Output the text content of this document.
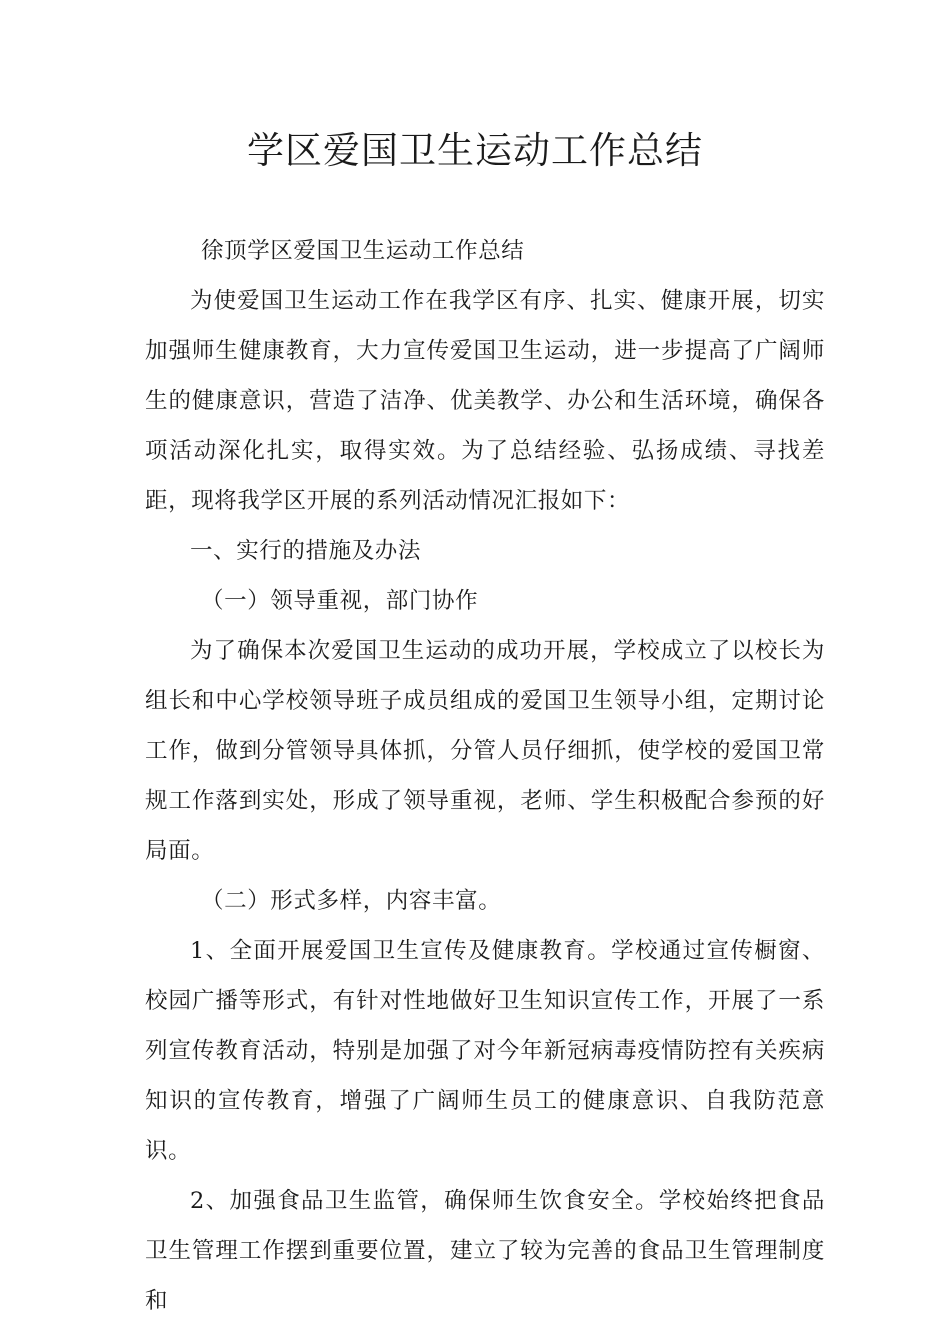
学区爱国卫生运动工作总结

徐顶学区爱国卫生运动工作总结

为使爱国卫生运动工作在我学区有序、扎实、健康开展，切实加强师生健康教育，大力宣传爱国卫生运动，进一步提高了广阔师生的健康意识，营造了洁净、优美教学、办公和生活环境，确保各项活动深化扎实，取得实效。为了总结经验、弘扬成绩、寻找差距，现将我学区开展的系列活动情况汇报如下：

一、实行的措施及办法

（一）领导重视，部门协作

为了确保本次爱国卫生运动的成功开展，学校成立了以校长为组长和中心学校领导班子成员组成的爱国卫生领导小组，定期讨论工作，做到分管领导具体抓，分管人员仔细抓，使学校的爱国卫常规工作落到实处，形成了领导重视，老师、学生积极配合参预的好局面。

（二）形式多样，内容丰富。

1、全面开展爱国卫生宣传及健康教育。学校通过宣传橱窗、校园广播等形式，有针对性地做好卫生知识宣传工作，开展了一系列宣传教育活动，特别是加强了对今年新冠病毒疫情防控有关疾病知识的宣传教育，增强了广阔师生员工的健康意识、自我防范意识。

2、加强食品卫生监管，确保师生饮食安全。学校始终把食品卫生管理工作摆到重要位置，建立了较为完善的食品卫生管理制度和
